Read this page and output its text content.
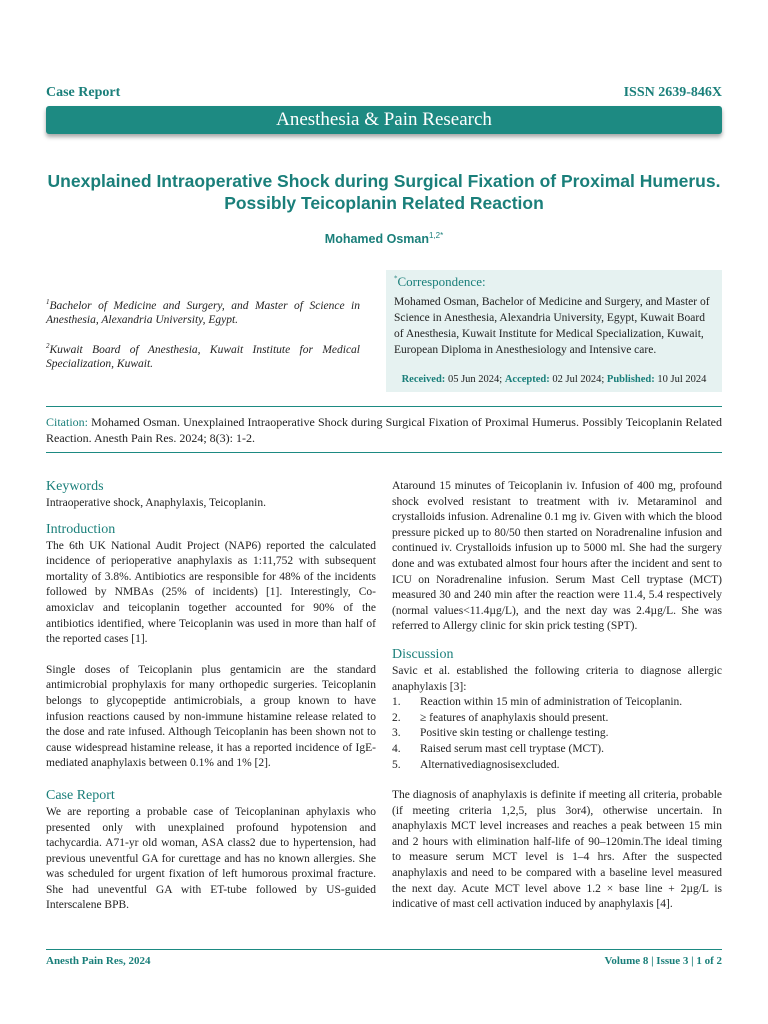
Case Report	ISSN 2639-846X
Anesthesia & Pain Research
Unexplained Intraoperative Shock during Surgical Fixation of Proximal Humerus. Possibly Teicoplanin Related Reaction
Mohamed Osman$^{1,2*}$
$^1$Bachelor of Medicine and Surgery, and Master of Science in Anesthesia, Alexandria University, Egypt.
$^2$Kuwait Board of Anesthesia, Kuwait Institute for Medical Specialization, Kuwait.
*Correspondence:
Mohamed Osman, Bachelor of Medicine and Surgery, and Master of Science in Anesthesia, Alexandria University, Egypt, Kuwait Board of Anesthesia, Kuwait Institute for Medical Specialization, Kuwait, European Diploma in Anesthesiology and Intensive care.
Received: 05 Jun 2024; Accepted: 02 Jul 2024; Published: 10 Jul 2024
Citation: Mohamed Osman. Unexplained Intraoperative Shock during Surgical Fixation of Proximal Humerus. Possibly Teicoplanin Related Reaction. Anesth Pain Res. 2024; 8(3): 1-2.
Keywords

Intraoperative shock, Anaphylaxis, Teicoplanin.

Introduction

The 6th UK National Audit Project (NAP6) reported the calculated incidence of perioperative anaphylaxis as 1:11,752 with subsequent mortality of 3.8%. Antibiotics are responsible for 48% of the incidents followed by NMBAs (25% of incidents) [1]. Interestingly, Co-amoxiclav and teicoplanin together accounted for 90% of the antibiotics identified, where Teicoplanin was used in more than half of the reported cases [1].

Single doses of Teicoplanin plus gentamicin are the standard antimicrobial prophylaxis for many orthopedic surgeries. Teicoplanin belongs to glycopeptide antimicrobials, a group known to have infusion reactions caused by non-immune histamine release related to the dose and rate infused. Although Teicoplanin has been shown not to cause widespread histamine release, it has a reported incidence of IgE-mediated anaphylaxis between 0.1% and 1% [2].

Case Report

We are reporting a probable case of Teicoplaninan aphylaxis who presented only with unexplained profound hypotension and tachycardia. A71-yr old woman, ASA class2 due to hypertension, had previous uneventful GA for curettage and has no known allergies. She was scheduled for urgent fixation of left humorous proximal fracture. She had uneventful GA with ET-tube followed by US-guided Interscalene BPB.

Ataround 15 minutes of Teicoplanin iv. Infusion of 400 mg, profound shock evolved resistant to treatment with iv. Metaraminol and crystalloids infusion. Adrenaline 0.1 mg iv. Given with which the blood pressure picked up to 80/50 then started on Noradrenaline infusion and continued iv. Crystalloids infusion up to 5000 ml. She had the surgery done and was extubated almost four hours after the incident and sent to ICU on Noradrenaline infusion. Serum Mast Cell tryptase (MCT) measured 30 and 240 min after the reaction were 11.4, 5.4 respectively (normal values<11.4µg/L), and the next day was 2.4µg/L. She was referred to Allergy clinic for skin prick testing (SPT).

Discussion

Savic et al. established the following criteria to diagnose allergic anaphylaxis [3]:

1. Reaction within 15 min of administration of Teicoplanin.
2. ≥ features of anaphylaxis should present.
3. Positive skin testing or challenge testing.
4. Raised serum mast cell tryptase (MCT).
5. Alternativediagnosisexcluded.

The diagnosis of anaphylaxis is definite if meeting all criteria, probable (if meeting criteria 1,2,5, plus 3or4), otherwise uncertain. In anaphylaxis MCT level increases and reaches a peak between 15 min and 2 hours with elimination half-life of 90–120min.The ideal timing to measure serum MCT level is 1–4 hrs. After the suspected anaphylaxis and need to be compared with a baseline level measured the next day. Acute MCT level above 1.2 × base line + 2µg/L is indicative of mast cell activation induced by anaphylaxis [4].

Anesth Pain Res, 2024	Volume 8 | Issue 3 | 1 of 2
